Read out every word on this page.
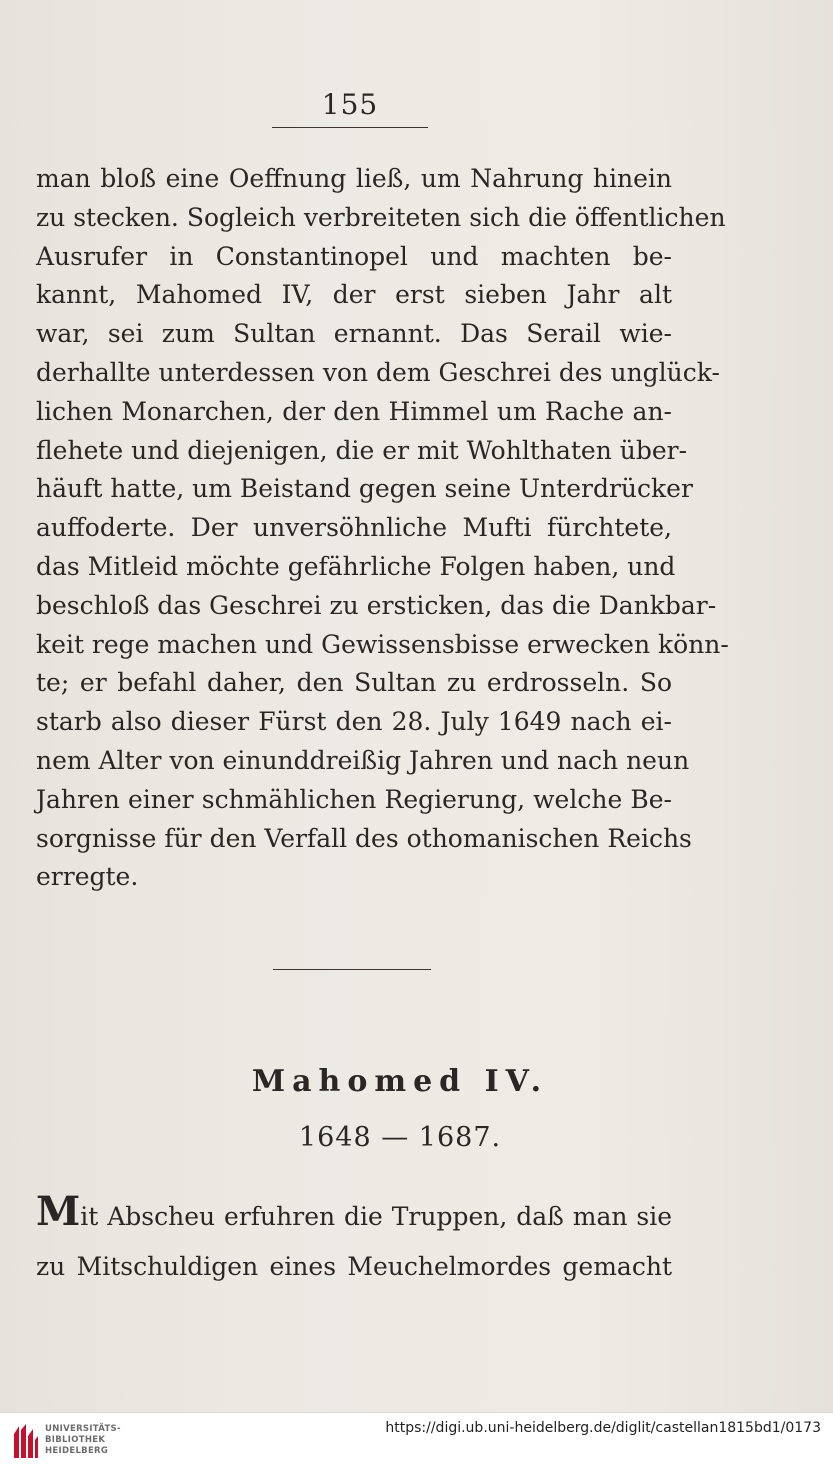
155
man bloß eine Oeffnung ließ, um Nahrung hinein
zu stecken. Sogleich verbreiteten sich die öffentlichen
Ausrufer in Constantinopel und machten be-
kannt, Mahomed IV, der erst sieben Jahr alt
war, sei zum Sultan ernannt. Das Serail wie-
derhallte unterdessen von dem Geschrei des unglück-
lichen Monarchen, der den Himmel um Rache an-
flehete und diejenigen, die er mit Wohlthaten über-
häuft hatte, um Beistand gegen seine Unterdrücker
auffoderte. Der unversöhnliche Mufti fürchtete,
das Mitleid möchte gefährliche Folgen haben, und
beschloß das Geschrei zu ersticken, das die Dankbar-
keit rege machen und Gewissensbisse erwecken könn-
te; er befahl daher, den Sultan zu erdrosseln. So
starb also dieser Fürst den 28. July 1649 nach ei-
nem Alter von einunddreißig Jahren und nach neun
Jahren einer schmählichen Regierung, welche Be-
sorgnisse für den Verfall des othomanischen Reichs
erregte.
Mahomed IV.
1648 — 1687.
Mit Abscheu erfuhren die Truppen, daß man sie
zu Mitschuldigen eines Meuchelmordes gemacht
UNIVERSITÄTS-
BIBLIOTHEK
HEIDELBERG
https://digi.ub.uni-heidelberg.de/diglit/castellan1815bd1/0173
